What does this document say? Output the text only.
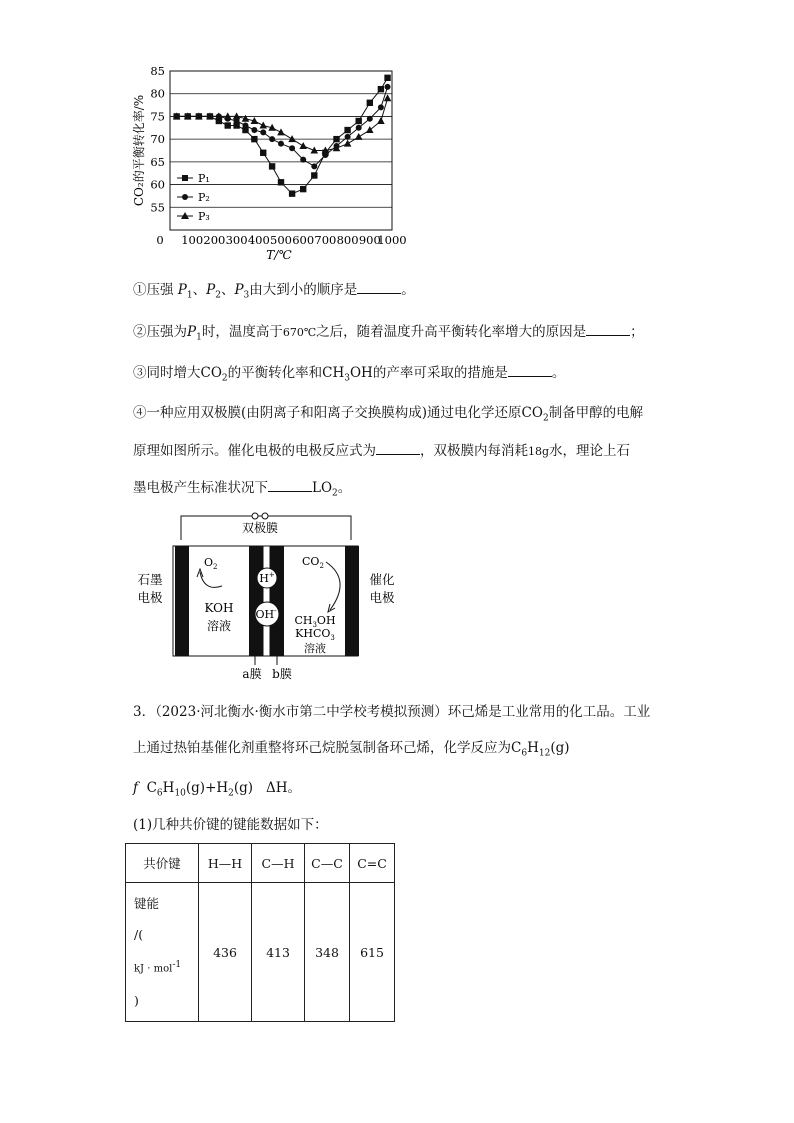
55
60
65
70
75
80
85
0 100 200 300 400 500 600 700 800 900
1000
T/℃
CO₂的平衡转化率/%	P₁
P₂
P₃
①压强 $P_1$、$P_2$、$P_3$由大到小的顺序是	。
②压强为$P_1$时，温度高于670℃之后，随着温度升高平衡转化率增大的原因是	；
③同时增大$CO_2$的平衡转化率和$CH_3OH$的产率可采取的措施是	。
④一种应用双极膜(由阴离子和阳离子交换膜构成)通过电化学还原$CO_2$制备甲醇的电解
原理如图所示。催化电极的电极反应式为	，双极膜内每消耗18g水，理论上石
墨电极产生标准状况下	$LO_2$。
双极膜
H+
OH-
石墨
电极
催化
电极
$O_2$
KOH
溶液
$CO_2$
$CH_3OH$
$KHCO_3$
溶液
a膜 b膜
3．（2023·河北衡水·衡水市第二中学校考模拟预测）环己烯是工业常用的化工品。工业
上通过热铂基催化剂重整将环己烷脱氢制备环己烯，化学反应为$C_6H_{12}(g)$
f  $C_6H_{10}(g)+H_2(g)$   ΔH。
(1)几种共价键的键能数据如下：
共价键	H—H	C—H	C—C	C=C

键能
/(
kJ · mol$^{-1}$
)	436	413	348	615
